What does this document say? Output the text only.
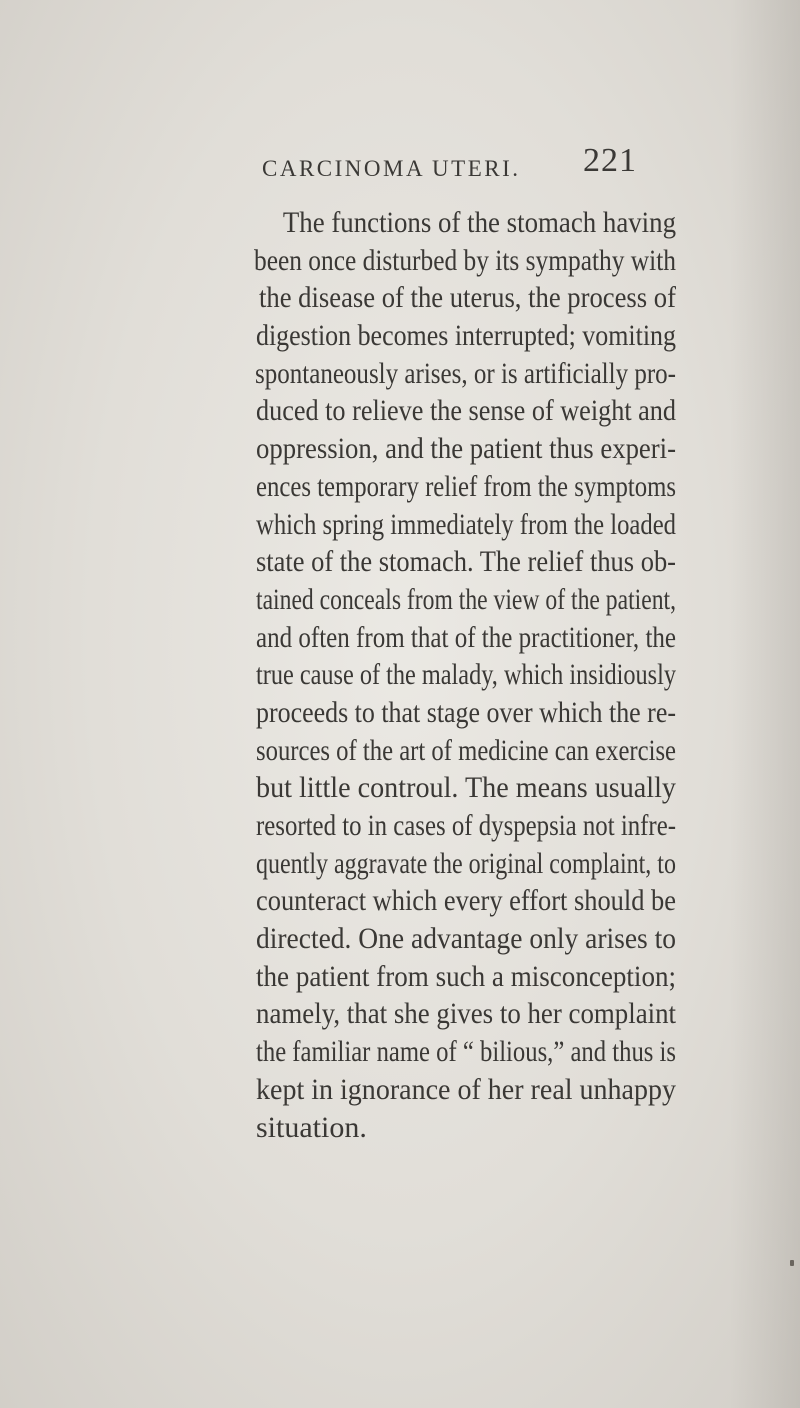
CARCINOMA UTERI. 221
The functions of the stomach having
been once disturbed by its sympathy with
the disease of the uterus, the process of
digestion becomes interrupted; vomiting
spontaneously arises, or is artificially pro-
duced to relieve the sense of weight and
oppression, and the patient thus experi-
ences temporary relief from the symptoms
which spring immediately from the loaded
state of the stomach. The relief thus ob-
tained conceals from the view of the patient,
and often from that of the practitioner, the
true cause of the malady, which insidiously
proceeds to that stage over which the re-
sources of the art of medicine can exercise
but little controul. The means usually
resorted to in cases of dyspepsia not infre-
quently aggravate the original complaint, to
counteract which every effort should be
directed. One advantage only arises to
the patient from such a misconception;
namely, that she gives to her complaint
the familiar name of “ bilious,” and thus is
kept in ignorance of her real unhappy
situation.
